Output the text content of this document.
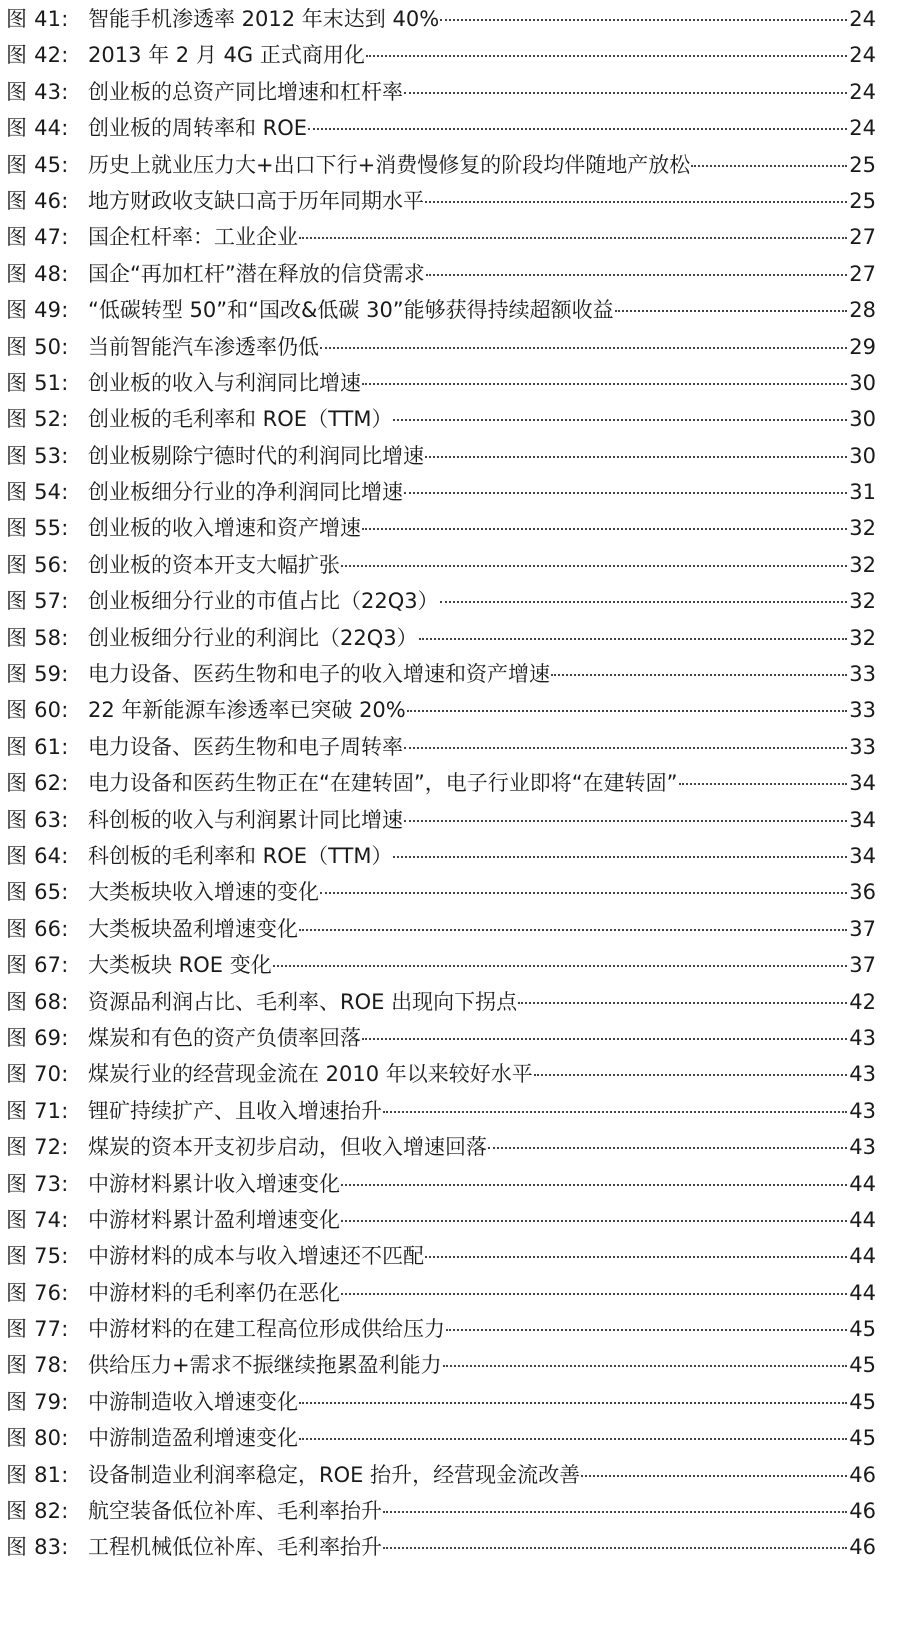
图 41: 智能手机渗透率 2012 年末达到 40%	24
图 42: 2013 年 2 月 4G 正式商用化	24
图 43: 创业板的总资产同比增速和杠杆率	24
图 44: 创业板的周转率和 ROE	24
图 45: 历史上就业压力大+出口下行+消费慢修复的阶段均伴随地产放松	25
图 46: 地方财政收支缺口高于历年同期水平	25
图 47: 国企杠杆率：工业企业	27
图 48: 国企“再加杠杆”潜在释放的信贷需求	27
图 49: “低碳转型 50”和“国改&低碳 30”能够获得持续超额收益	28
图 50: 当前智能汽车渗透率仍低	29
图 51: 创业板的收入与利润同比增速	30
图 52: 创业板的毛利率和 ROE（TTM）	30
图 53: 创业板剔除宁德时代的利润同比增速	30
图 54: 创业板细分行业的净利润同比增速	31
图 55: 创业板的收入增速和资产增速	32
图 56: 创业板的资本开支大幅扩张	32
图 57: 创业板细分行业的市值占比（22Q3）	32
图 58: 创业板细分行业的利润比（22Q3）	32
图 59: 电力设备、医药生物和电子的收入增速和资产增速	33
图 60: 22 年新能源车渗透率已突破 20%	33
图 61: 电力设备、医药生物和电子周转率	33
图 62: 电力设备和医药生物正在“在建转固”，电子行业即将“在建转固”	34
图 63: 科创板的收入与利润累计同比增速	34
图 64: 科创板的毛利率和 ROE（TTM）	34
图 65: 大类板块收入增速的变化	36
图 66: 大类板块盈利增速变化	37
图 67: 大类板块 ROE 变化	37
图 68: 资源品利润占比、毛利率、ROE 出现向下拐点	42
图 69: 煤炭和有色的资产负债率回落	43
图 70: 煤炭行业的经营现金流在 2010 年以来较好水平	43
图 71: 锂矿持续扩产、且收入增速抬升	43
图 72: 煤炭的资本开支初步启动，但收入增速回落	43
图 73: 中游材料累计收入增速变化	44
图 74: 中游材料累计盈利增速变化	44
图 75: 中游材料的成本与收入增速还不匹配	44
图 76: 中游材料的毛利率仍在恶化	44
图 77: 中游材料的在建工程高位形成供给压力	45
图 78: 供给压力+需求不振继续拖累盈利能力	45
图 79: 中游制造收入增速变化	45
图 80: 中游制造盈利增速变化	45
图 81: 设备制造业利润率稳定，ROE 抬升，经营现金流改善	46
图 82: 航空装备低位补库、毛利率抬升	46
图 83: 工程机械低位补库、毛利率抬升	46
